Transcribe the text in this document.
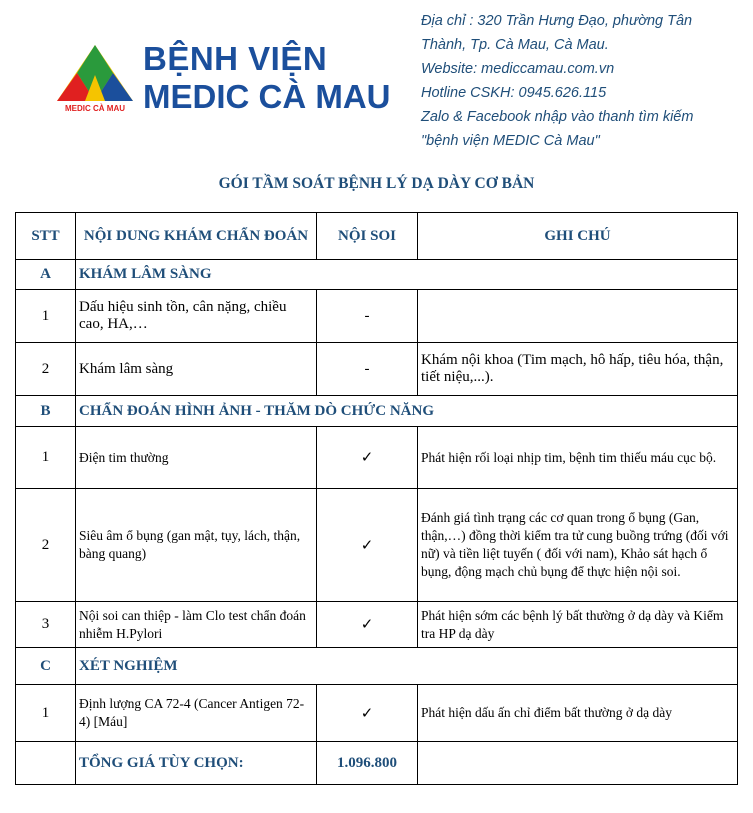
MEDIC CÀ MAU
BỆNH VIỆN
MEDIC CÀ MAU
Địa chỉ : 320 Trần Hưng Đạo, phường Tân
Thành, Tp. Cà Mau, Cà Mau.
Website: mediccamau.com.vn
Hotline CSKH: 0945.626.115
Zalo & Facebook nhập vào thanh tìm kiếm
"bệnh viện MEDIC Cà Mau"
GÓI TẦM SOÁT BỆNH LÝ DẠ DÀY CƠ BẢN
STT	NỘI DUNG KHÁM CHẨN ĐOÁN	NỘI SOI	GHI CHÚ
A	KHÁM LÂM SÀNG		
1	Dấu hiệu sinh tồn, cân nặng, chiều cao, HA,…	-	
2	Khám lâm sàng	-	Khám nội khoa (Tim mạch, hô hấp, tiêu hóa, thận, tiết niệu,...).
B	CHẨN ĐOÁN HÌNH ẢNH - THĂM DÒ CHỨC NĂNG		
1	Điện tim thường	✓	Phát hiện rối loại nhịp tim, bệnh tim thiếu máu cục bộ.
2	Siêu âm ổ bụng (gan mật, tụy, lách, thận, bàng quang)	✓	Đánh giá tình trạng các cơ quan trong ổ bụng (Gan, thận,…) đồng thời kiểm tra tử cung buồng trứng (đối với nữ) và tiền liệt tuyến ( đối với nam), Khảo sát hạch ổ bụng, động mạch chủ bụng để thực hiện nội soi.
3	Nội soi can thiệp - làm Clo test chẩn đoán nhiễm H.Pylori	✓	Phát hiện sớm các bệnh lý bất thường ở dạ dày và Kiểm tra HP dạ dày
C	XÉT NGHIỆM		
1	Định lượng CA 72-4 (Cancer Antigen 72-4) [Máu]	✓	Phát hiện dấu ấn chỉ điểm bất thường ở dạ dày
	TỔNG GIÁ TÙY CHỌN:	1.096.800	
